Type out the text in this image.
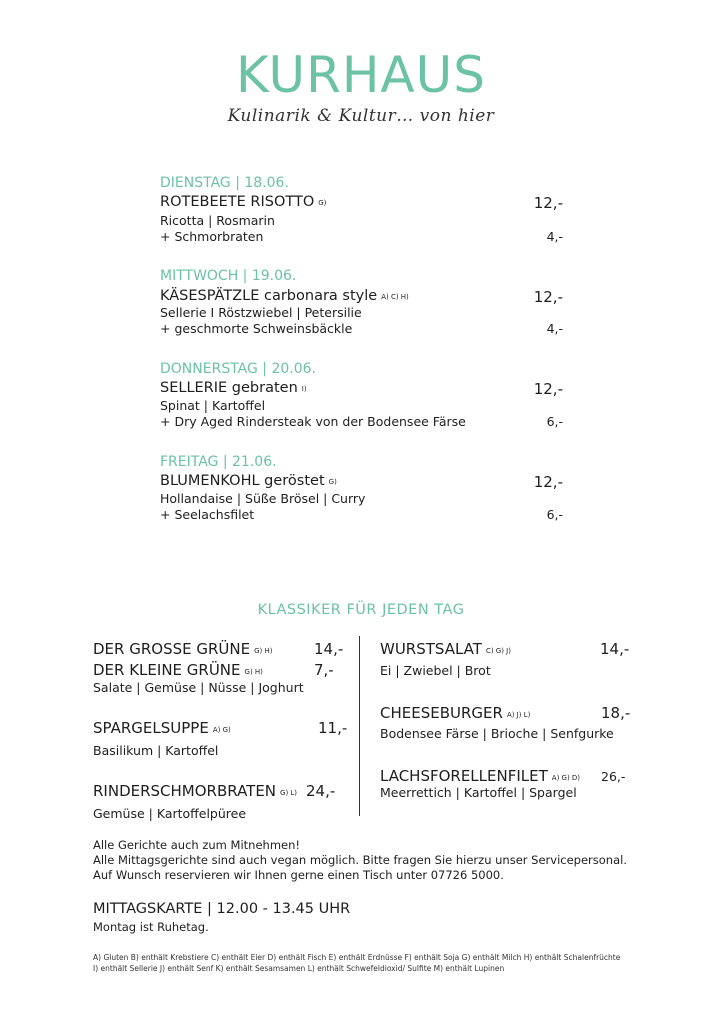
KURHAUS
Kulinarik & Kultur… von hier
DIENSTAG | 18.06.
ROTEBEETE RISOTTO G)	12,-
Ricotta | Rosmarin
+ Schmorbraten	4,-
MITTWOCH | 19.06.
KÄSESPÄTZLE carbonara style A) C) H)	12,-
Sellerie I Röstzwiebel | Petersilie
+ geschmorte Schweinsbäckle	4,-
DONNERSTAG | 20.06.
SELLERIE gebraten I)	12,-
Spinat | Kartoffel
+ Dry Aged Rindersteak von der Bodensee Färse	6,-
FREITAG | 21.06.
BLUMENKOHL geröstet G)	12,-
Hollandaise | Süße Brösel | Curry
+ Seelachsfilet	6,-
KLASSIKER FÜR JEDEN TAG
DER GROSSE GRÜNE G) H)	14,-
DER KLEINE GRÜNE G) H)	7,-
Salate | Gemüse | Nüsse | Joghurt
SPARGELSUPPE A) G)	11,-
Basilikum | Kartoffel
RINDERSCHMORBRATEN G) L) 24,-
Gemüse | Kartoffelpüree
WURSTSALAT C) G) J)	14,-
Ei | Zwiebel | Brot
CHEESEBURGER A) J) L)	18,-
Bodensee Färse | Brioche | Senfgurke
LACHSFORELLENFILET A) G) D) 26,-
Meerrettich | Kartoffel | Spargel
Alle Gerichte auch zum Mitnehmen!
Alle Mittagsgerichte sind auch vegan möglich. Bitte fragen Sie hierzu unser Servicepersonal.
Auf Wunsch reservieren wir Ihnen gerne einen Tisch unter 07726 5000.
MITTAGSKARTE | 12.00 - 13.45 UHR
Montag ist Ruhetag.
A) Gluten B) enthält Krebstiere C) enthält Eier D) enthält Fisch E) enthält Erdnüsse F) enthält Soja G) enthält Milch H) enthält Schalenfrüchte
I) enthält Sellerie J) enthält Senf K) enthält Sesamsamen L) enthält Schwefeldioxid/ Sulfite M) enthält Lupinen
